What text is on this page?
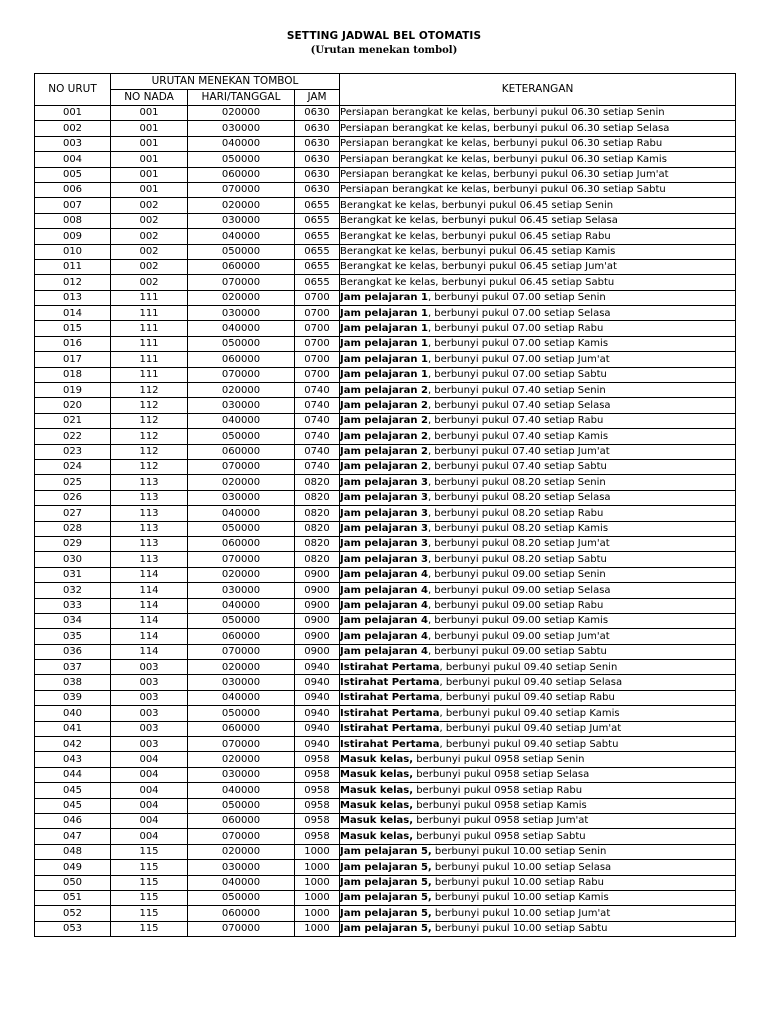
SETTING JADWAL BEL OTOMATIS
(Urutan menekan tombol)
NO URUT	URUTAN MENEKAN TOMBOL			KETERANGAN
	NO NADA	HARI/TANGGAL	JAM	
001	001	020000	0630	Persiapan berangkat ke kelas, berbunyi pukul 06.30 setiap Senin
002	001	030000	0630	Persiapan berangkat ke kelas, berbunyi pukul 06.30 setiap Selasa
003	001	040000	0630	Persiapan berangkat ke kelas, berbunyi pukul 06.30 setiap Rabu
004	001	050000	0630	Persiapan berangkat ke kelas, berbunyi pukul 06.30 setiap Kamis
005	001	060000	0630	Persiapan berangkat ke kelas, berbunyi pukul 06.30 setiap Jum'at
006	001	070000	0630	Persiapan berangkat ke kelas, berbunyi pukul 06.30 setiap Sabtu
007	002	020000	0655	Berangkat ke kelas, berbunyi pukul 06.45 setiap Senin
008	002	030000	0655	Berangkat ke kelas, berbunyi pukul 06.45 setiap Selasa
009	002	040000	0655	Berangkat ke kelas, berbunyi pukul 06.45 setiap Rabu
010	002	050000	0655	Berangkat ke kelas, berbunyi pukul 06.45 setiap Kamis
011	002	060000	0655	Berangkat ke kelas, berbunyi pukul 06.45 setiap Jum'at
012	002	070000	0655	Berangkat ke kelas, berbunyi pukul 06.45 setiap Sabtu
013	111	020000	0700	Jam pelajaran 1, berbunyi pukul 07.00 setiap Senin
014	111	030000	0700	Jam pelajaran 1, berbunyi pukul 07.00 setiap Selasa
015	111	040000	0700	Jam pelajaran 1, berbunyi pukul 07.00 setiap Rabu
016	111	050000	0700	Jam pelajaran 1, berbunyi pukul 07.00 setiap Kamis
017	111	060000	0700	Jam pelajaran 1, berbunyi pukul 07.00 setiap Jum'at
018	111	070000	0700	Jam pelajaran 1, berbunyi pukul 07.00 setiap Sabtu
019	112	020000	0740	Jam pelajaran 2, berbunyi pukul 07.40 setiap Senin
020	112	030000	0740	Jam pelajaran 2, berbunyi pukul 07.40 setiap Selasa
021	112	040000	0740	Jam pelajaran 2, berbunyi pukul 07.40 setiap Rabu
022	112	050000	0740	Jam pelajaran 2, berbunyi pukul 07.40 setiap Kamis
023	112	060000	0740	Jam pelajaran 2, berbunyi pukul 07.40 setiap Jum'at
024	112	070000	0740	Jam pelajaran 2, berbunyi pukul 07.40 setiap Sabtu
025	113	020000	0820	Jam pelajaran 3, berbunyi pukul 08.20 setiap Senin
026	113	030000	0820	Jam pelajaran 3, berbunyi pukul 08.20 setiap Selasa
027	113	040000	0820	Jam pelajaran 3, berbunyi pukul 08.20 setiap Rabu
028	113	050000	0820	Jam pelajaran 3, berbunyi pukul 08.20 setiap Kamis
029	113	060000	0820	Jam pelajaran 3, berbunyi pukul 08.20 setiap Jum'at
030	113	070000	0820	Jam pelajaran 3, berbunyi pukul 08.20 setiap Sabtu
031	114	020000	0900	Jam pelajaran 4, berbunyi pukul 09.00 setiap Senin
032	114	030000	0900	Jam pelajaran 4, berbunyi pukul 09.00 setiap Selasa
033	114	040000	0900	Jam pelajaran 4, berbunyi pukul 09.00 setiap Rabu
034	114	050000	0900	Jam pelajaran 4, berbunyi pukul 09.00 setiap Kamis
035	114	060000	0900	Jam pelajaran 4, berbunyi pukul 09.00 setiap Jum'at
036	114	070000	0900	Jam pelajaran 4, berbunyi pukul 09.00 setiap Sabtu
037	003	020000	0940	Istirahat Pertama, berbunyi pukul 09.40 setiap Senin
038	003	030000	0940	Istirahat Pertama, berbunyi pukul 09.40 setiap Selasa
039	003	040000	0940	Istirahat Pertama, berbunyi pukul 09.40 setiap Rabu
040	003	050000	0940	Istirahat Pertama, berbunyi pukul 09.40 setiap Kamis
041	003	060000	0940	Istirahat Pertama, berbunyi pukul 09.40 setiap Jum'at
042	003	070000	0940	Istirahat Pertama, berbunyi pukul 09.40 setiap Sabtu
043	004	020000	0958	Masuk kelas, berbunyi pukul 0958 setiap Senin
044	004	030000	0958	Masuk kelas, berbunyi pukul 0958 setiap Selasa
045	004	040000	0958	Masuk kelas, berbunyi pukul 0958 setiap Rabu
045	004	050000	0958	Masuk kelas, berbunyi pukul 0958 setiap Kamis
046	004	060000	0958	Masuk kelas, berbunyi pukul 0958 setiap Jum'at
047	004	070000	0958	Masuk kelas, berbunyi pukul 0958 setiap Sabtu
048	115	020000	1000	Jam pelajaran 5, berbunyi pukul 10.00 setiap Senin
049	115	030000	1000	Jam pelajaran 5, berbunyi pukul 10.00 setiap Selasa
050	115	040000	1000	Jam pelajaran 5, berbunyi pukul 10.00 setiap Rabu
051	115	050000	1000	Jam pelajaran 5, berbunyi pukul 10.00 setiap Kamis
052	115	060000	1000	Jam pelajaran 5, berbunyi pukul 10.00 setiap Jum'at
053	115	070000	1000	Jam pelajaran 5, berbunyi pukul 10.00 setiap Sabtu
